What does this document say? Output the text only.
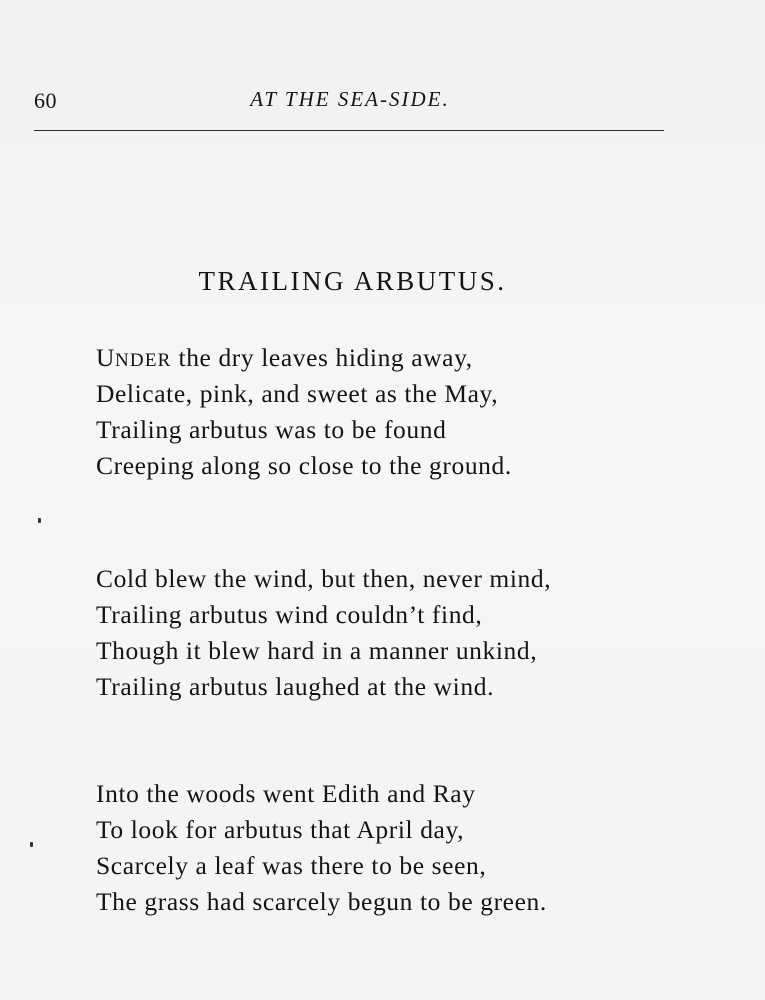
60	AT THE SEA-SIDE.
TRAILING ARBUTUS.
UNDER the dry leaves hiding away,
Delicate, pink, and sweet as the May,
Trailing arbutus was to be found
Creeping along so close to the ground.
Cold blew the wind, but then, never mind,
Trailing arbutus wind couldn’t find,
Though it blew hard in a manner unkind,
Trailing arbutus laughed at the wind.
Into the woods went Edith and Ray
To look for arbutus that April day,
Scarcely a leaf was there to be seen,
The grass had scarcely begun to be green.
